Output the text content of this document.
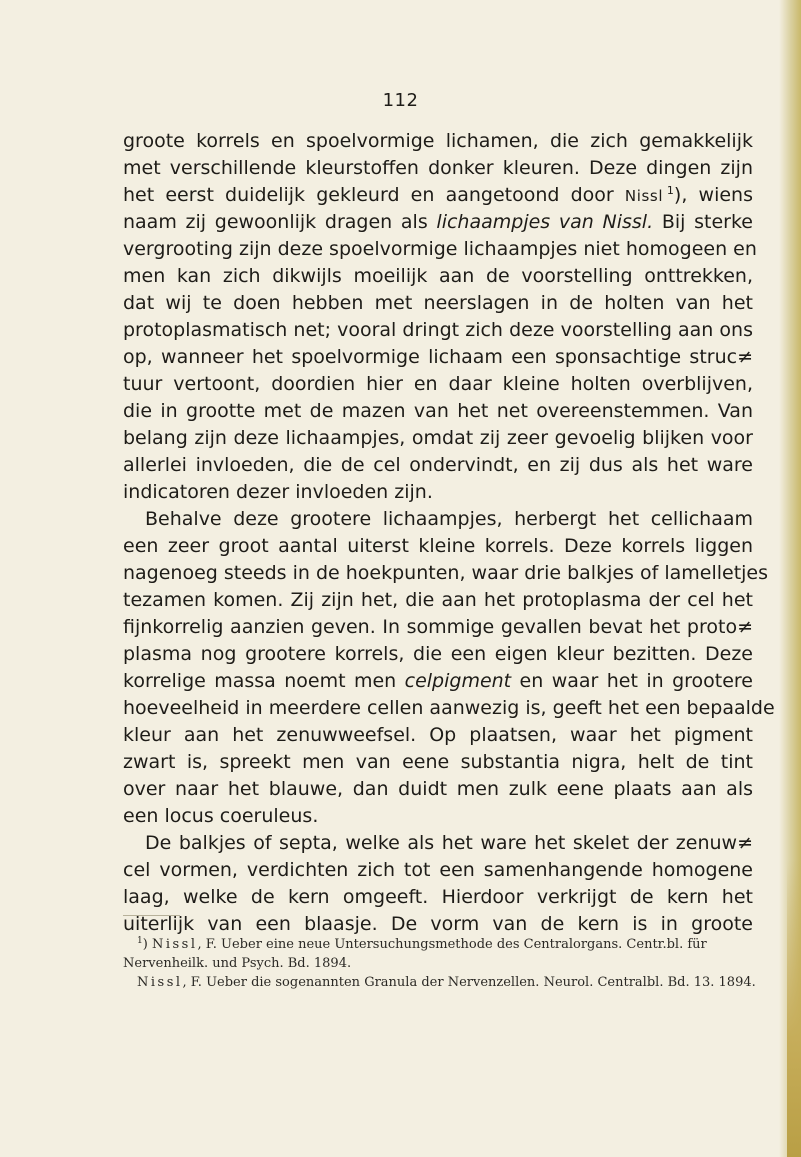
112
groote korrels en spoelvormige lichamen, die zich gemakkelijk
met verschillende kleurstoffen donker kleuren. Deze dingen zijn
het eerst duidelijk gekleurd en aangetoond door Nissl  $^1$), wiens
naam zij gewoonlijk dragen als lichaampjes van Nissl. Bij sterke
vergrooting zijn deze spoelvormige lichaampjes niet homogeen en
men kan zich dikwijls moeilijk aan de voorstelling onttrekken,
dat wij te doen hebben met neerslagen in de holten van het
protoplasmatisch net; vooral dringt zich deze voorstelling aan ons
op, wanneer het spoelvormige lichaam een sponsachtige struc≠
tuur vertoont, doordien hier en daar kleine holten overblijven,
die in grootte met de mazen van het net overeenstemmen. Van
belang zijn deze lichaampjes, omdat zij zeer gevoelig blijken voor
allerlei invloeden, die de cel ondervindt, en zij dus als het ware
indicatoren dezer invloeden zijn.
Behalve deze grootere lichaampjes, herbergt het cellichaam
een zeer groot aantal uiterst kleine korrels. Deze korrels liggen
nagenoeg steeds in de hoekpunten, waar drie balkjes of lamelletjes
tezamen komen. Zij zijn het, die aan het protoplasma der cel het
fijnkorrelig aanzien geven. In sommige gevallen bevat het proto≠
plasma nog grootere korrels, die een eigen kleur bezitten. Deze
korrelige massa noemt men celpigment en waar het in grootere
hoeveelheid in meerdere cellen aanwezig is, geeft het een bepaalde
kleur aan het zenuwweefsel. Op plaatsen, waar het pigment
zwart is, spreekt men van eene substantia nigra, helt de tint
over naar het blauwe, dan duidt men zulk eene plaats aan als
een locus coeruleus.
De balkjes of septa, welke als het ware het skelet der zenuw≠
cel vormen, verdichten zich tot een samenhangende homogene
laag, welke de kern omgeeft. Hierdoor verkrijgt de kern het
uiterlijk van een blaasje. De vorm van de kern is in groote
$^1$) Nissl, F. Ueber eine neue Untersuchungsmethode des Centralorgans. Centr.bl. für
Nervenheilk. und Psych. Bd. 1894.
Nissl, F. Ueber die sogenannten Granula der Nervenzellen. Neurol. Centralbl. Bd. 13. 1894.
